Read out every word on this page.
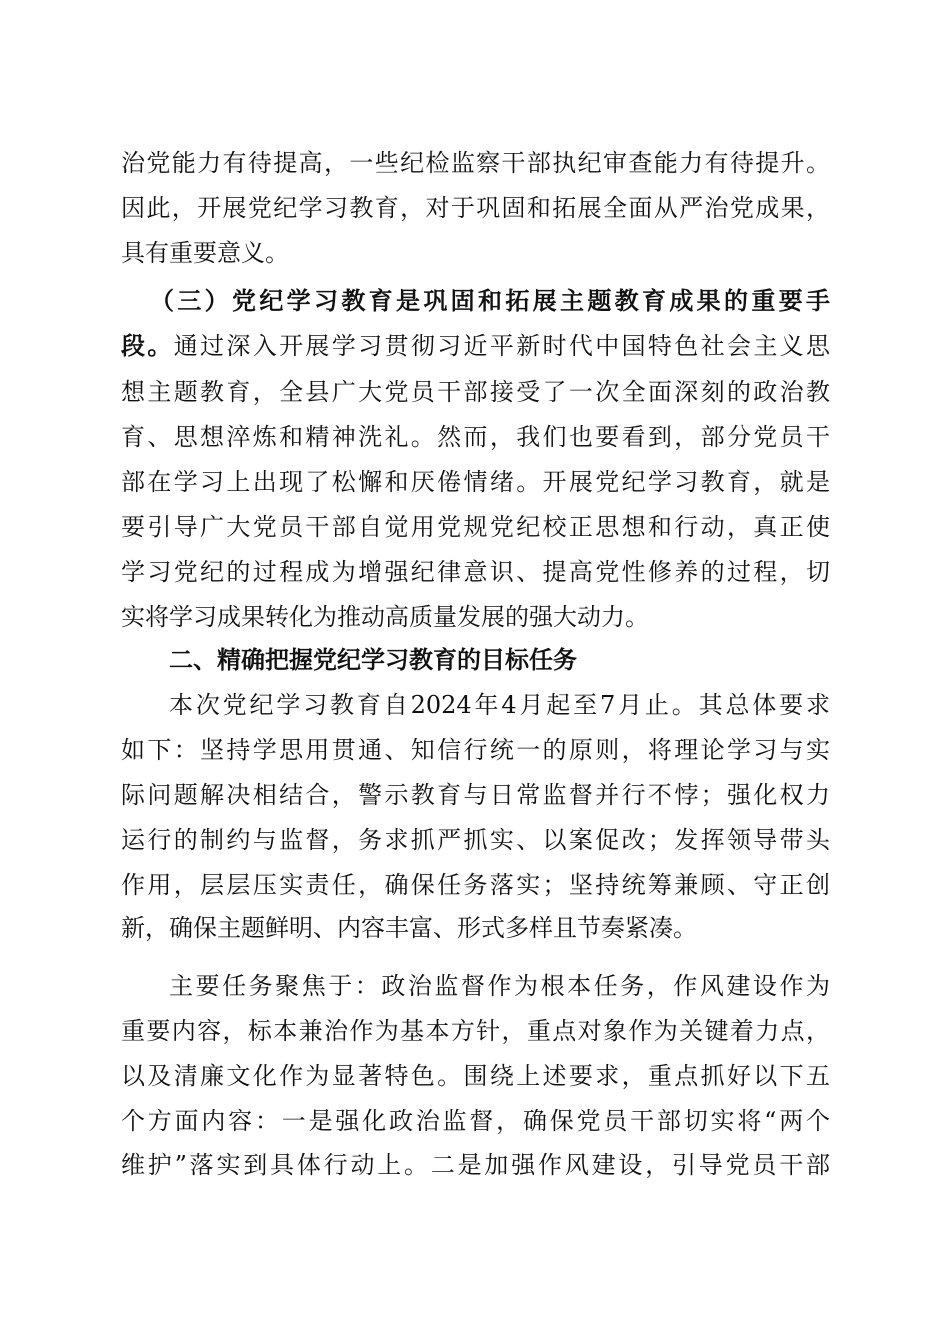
治党能力有待提高，一些纪检监察干部执纪审查能力有待提升。
因此，开展党纪学习教育，对于巩固和拓展全面从严治党成果，
具有重要意义。
（三）党纪学习教育是巩固和拓展主题教育成果的重要手
段。通过深入开展学习贯彻习近平新时代中国特色社会主义思
想主题教育，全县广大党员干部接受了一次全面深刻的政治教
育、思想淬炼和精神洗礼。然而，我们也要看到，部分党员干
部在学习上出现了松懈和厌倦情绪。开展党纪学习教育，就是
要引导广大党员干部自觉用党规党纪校正思想和行动，真正使
学习党纪的过程成为增强纪律意识、提高党性修养的过程，切
实将学习成果转化为推动高质量发展的强大动力。
二、精确把握党纪学习教育的目标任务
本次党纪学习教育自2024年4月起至7月止。其总体要求
如下：坚持学思用贯通、知信行统一的原则，将理论学习与实
际问题解决相结合，警示教育与日常监督并行不悖；强化权力
运行的制约与监督，务求抓严抓实、以案促改；发挥领导带头
作用，层层压实责任，确保任务落实；坚持统筹兼顾、守正创
新，确保主题鲜明、内容丰富、形式多样且节奏紧凑。
主要任务聚焦于：政治监督作为根本任务，作风建设作为
重要内容，标本兼治作为基本方针，重点对象作为关键着力点，
以及清廉文化作为显著特色。围绕上述要求，重点抓好以下五
个方面内容：一是强化政治监督，确保党员干部切实将“两个
维护”落实到具体行动上。二是加强作风建设，引导党员干部
